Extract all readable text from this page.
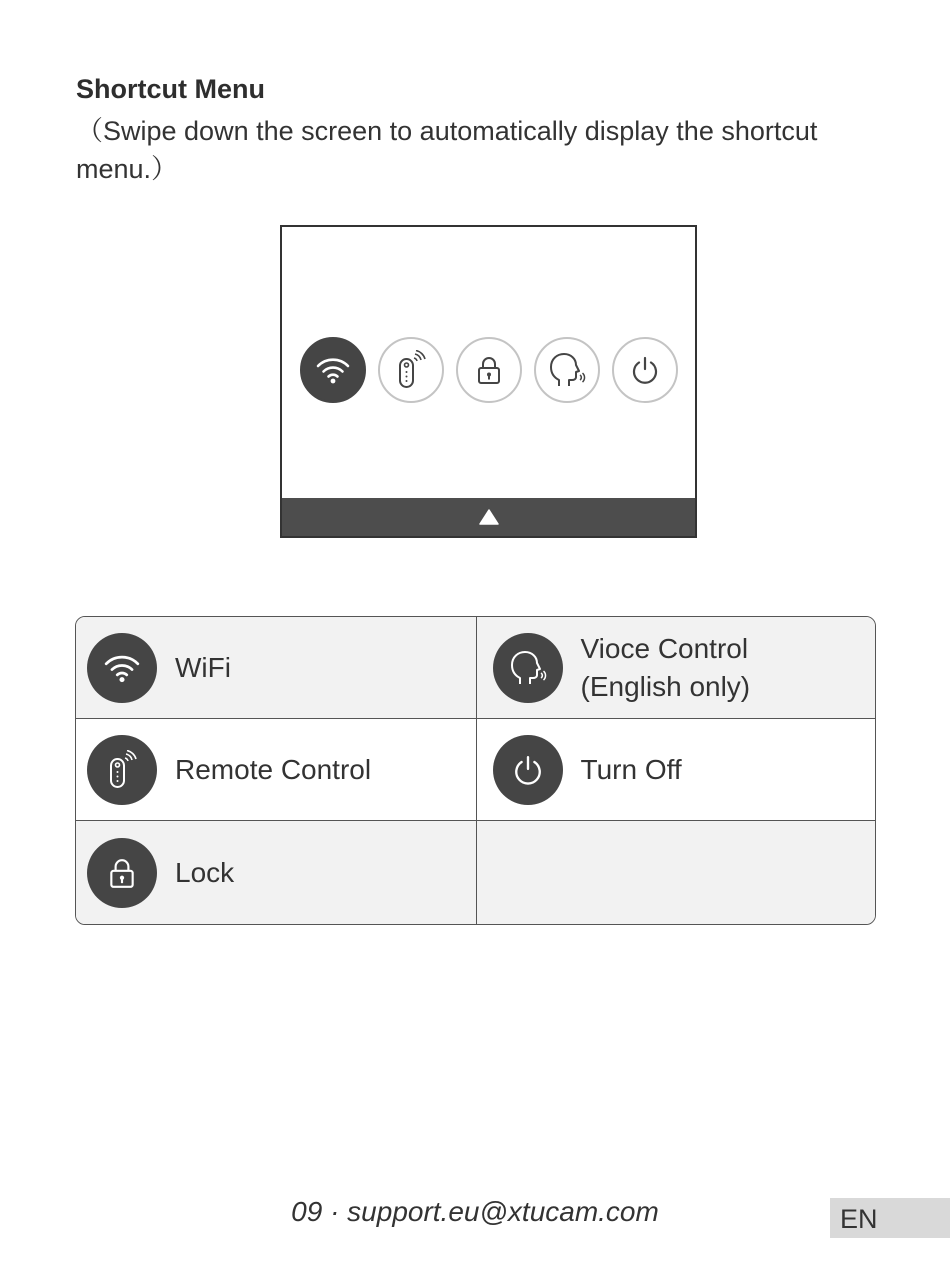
Shortcut Menu
（Swipe down the screen to automatically display the shortcut menu.）
WiFi
Vioce Control
(English only)
Remote Control	Turn Off
Lock
09 · support.eu@xtucam.com	EN
